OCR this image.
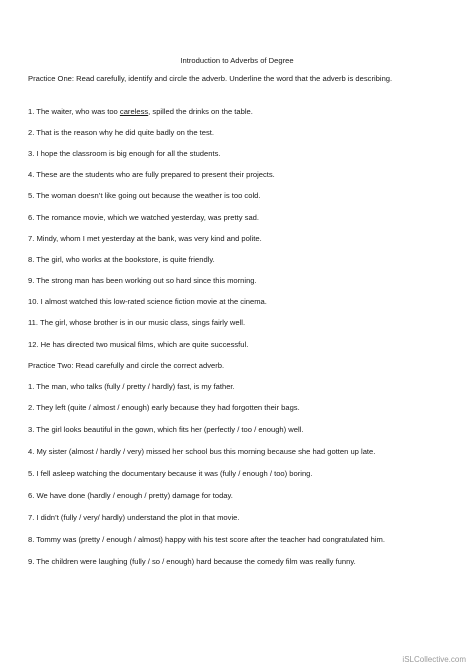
Introduction to Adverbs of Degree
Practice One: Read carefully, identify and circle the adverb. Underline the word that the adverb is describing.
1. The waiter, who was too careless, spilled the drinks on the table.
2. That is the reason why he did quite badly on the test.
3. I hope the classroom is big enough for all the students.
4. These are the students who are fully prepared to present their projects.
5. The woman doesn’t like going out because the weather is too cold.
6. The romance movie, which we watched yesterday, was pretty sad.
7. Mindy, whom I met yesterday at the bank, was very kind and polite.
8. The girl, who works at the bookstore, is quite friendly.
9. The strong man has been working out so hard since this morning.
10. I almost watched this low-rated science fiction movie at the cinema.
11. The girl, whose brother is in our music class, sings fairly well.
12. He has directed two musical films, which are quite successful.
Practice Two: Read carefully and circle the correct adverb.
1. The man, who talks (fully / pretty / hardly) fast, is my father.
2. They left (quite / almost / enough) early because they had forgotten their bags.
3. The girl looks beautiful in the gown, which fits her (perfectly / too / enough) well.
4. My sister (almost / hardly / very) missed her school bus this morning because she had gotten up late.
5. I fell asleep watching the documentary because it was (fully / enough / too) boring.
6. We have done (hardly / enough / pretty) damage for today.
7. I didn’t (fully / very/ hardly) understand the plot in that movie.
8. Tommy was (pretty / enough / almost) happy with his test score after the teacher had congratulated him.
9. The children were laughing (fully / so / enough) hard because the comedy film was really funny.
iSLCollective.com
